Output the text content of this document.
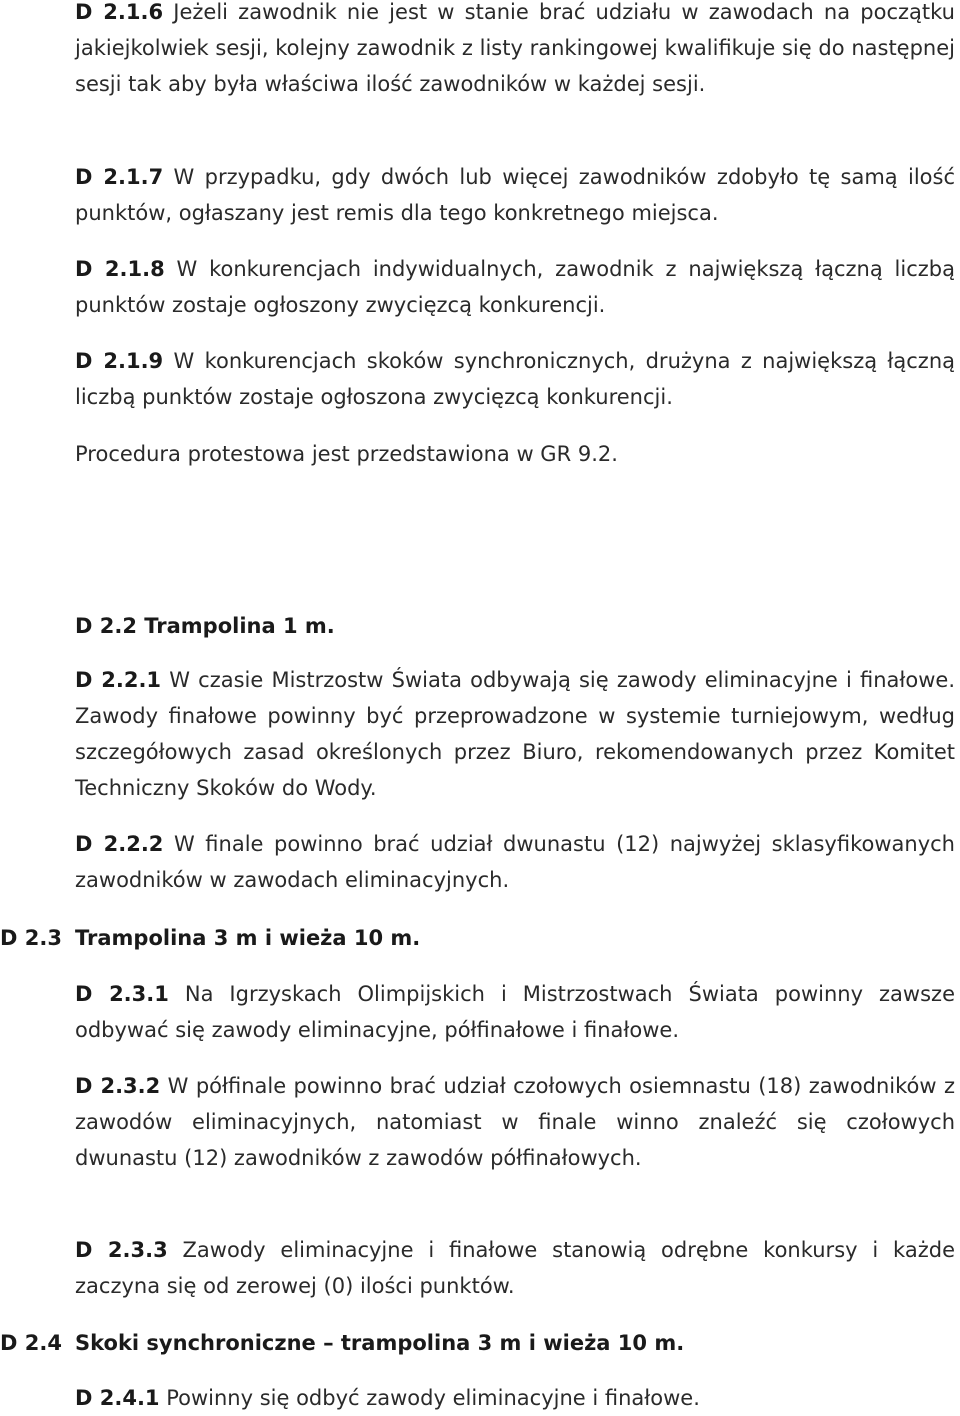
D 2.1.6 Jeżeli zawodnik nie jest w stanie brać udziału w zawodach na początku jakiejkolwiek sesji, kolejny zawodnik z listy rankingowej kwalifikuje się do następnej sesji tak aby była właściwa ilość zawodników w każdej sesji.

D 2.1.7 W przypadku, gdy dwóch lub więcej zawodników zdobyło tę samą ilość punktów, ogłaszany jest remis dla tego konkretnego miejsca.

D 2.1.8 W konkurencjach indywidualnych, zawodnik z największą łączną liczbą punktów zostaje ogłoszony zwycięzcą konkurencji.

D 2.1.9 W konkurencjach skoków synchronicznych, drużyna z największą łączną liczbą punktów zostaje ogłoszona zwycięzcą konkurencji.

Procedura protestowa jest przedstawiona w GR 9.2.

D 2.2 Trampolina 1 m.

D 2.2.1 W czasie Mistrzostw Świata odbywają się zawody eliminacyjne i finałowe. Zawody finałowe powinny być przeprowadzone w systemie turniejowym, według szczegółowych zasad określonych przez Biuro, rekomendowanych przez Komitet Techniczny Skoków do Wody.

D 2.2.2 W finale powinno brać udział dwunastu (12) najwyżej sklasyfikowanych zawodników w zawodach eliminacyjnych.

D 2.3 Trampolina 3 m i wieża 10 m.

D 2.3.1 Na Igrzyskach Olimpijskich i Mistrzostwach Świata powinny zawsze odbywać się zawody eliminacyjne, półfinałowe i finałowe.

D 2.3.2 W półfinale powinno brać udział czołowych osiemnastu (18) zawodników z zawodów eliminacyjnych, natomiast w finale winno znaleźć się czołowych dwunastu (12) zawodników z zawodów półfinałowych.

D 2.3.3 Zawody eliminacyjne i finałowe stanowią odrębne konkursy i każde zaczyna się od zerowej (0) ilości punktów.

D 2.4 Skoki synchroniczne – trampolina 3 m i wieża 10 m.

D 2.4.1 Powinny się odbyć zawody eliminacyjne i finałowe.
